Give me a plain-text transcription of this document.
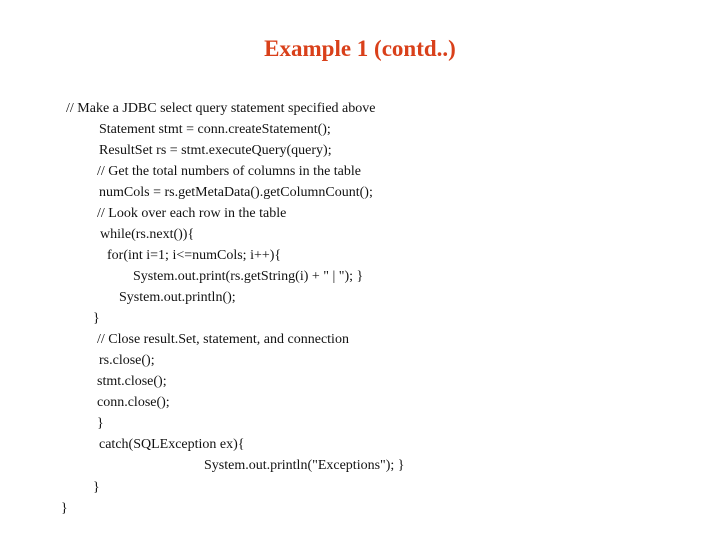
Example 1 (contd..)
// Make a JDBC select query statement specified above
Statement stmt = conn.createStatement();
ResultSet rs = stmt.executeQuery(query);
// Get the total numbers of columns in the table
numCols = rs.getMetaData().getColumnCount();
// Look over each row in the table
while(rs.next()){
for(int i=1; i<=numCols; i++){
System.out.print(rs.getString(i) + " | "); }
System.out.println();
}
// Close result.Set, statement, and connection
rs.close();
stmt.close();
conn.close();
}
catch(SQLException ex){
System.out.println("Exceptions"); }
}
}
